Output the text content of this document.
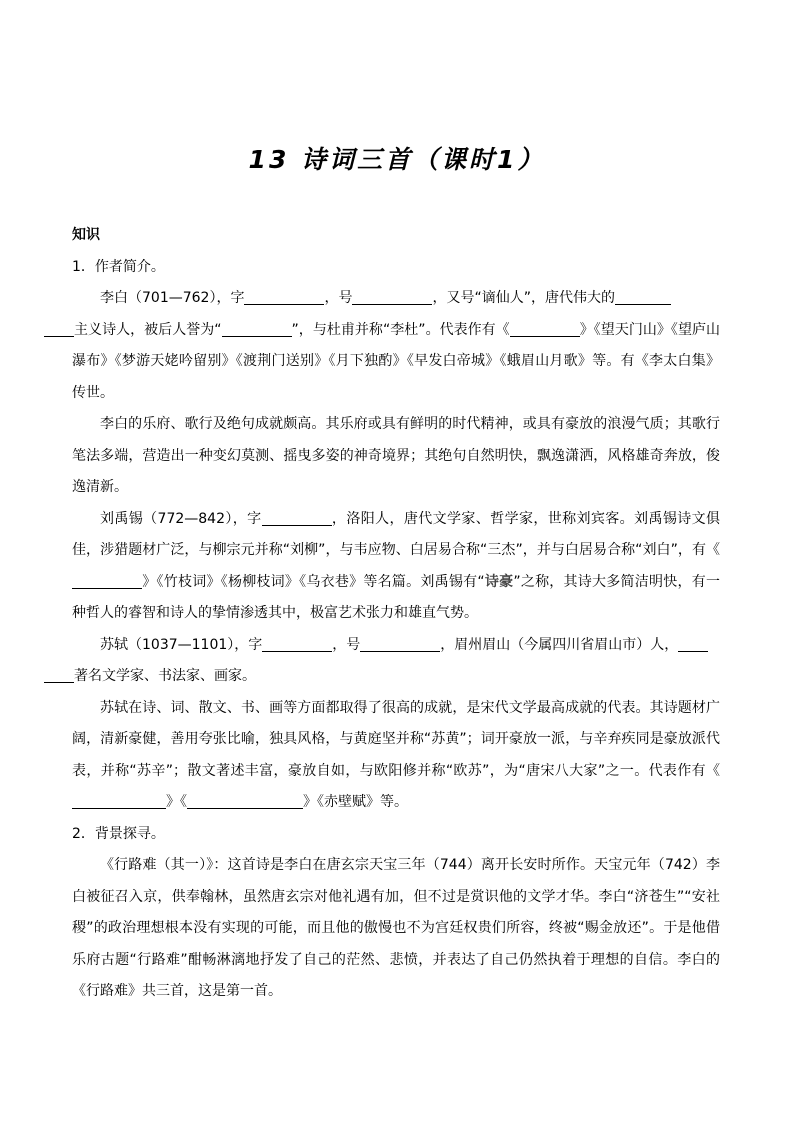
13 诗词三首（课时1）

知识

1．作者简介。

李白（701—762），字	，号	，又号“谪仙人”，唐代伟大的
主义诗人，被后人誉为“	”，与杜甫并称“李杜”。代表作有《	》《望天门山》《望庐山瀑布》《梦游天姥吟留别》《渡荆门送别》《月下独酌》《早发白帝城》《蛾眉山月歌》等。有《李太白集》传世。

李白的乐府、歌行及绝句成就颇高。其乐府或具有鲜明的时代精神，或具有豪放的浪漫气质；其歌行笔法多端，营造出一种变幻莫测、摇曳多姿的神奇境界；其绝句自然明快，飘逸潇洒，风格雄奇奔放，俊逸清新。

刘禹锡（772—842），字	，洛阳人，唐代文学家、哲学家，世称刘宾客。刘禹锡诗文俱佳，涉猎题材广泛，与柳宗元并称“刘柳”，与韦应物、白居易合称“三杰”，并与白居易合称“刘白”，有《》《竹枝词》《杨柳枝词》《乌衣巷》等名篇。刘禹锡有“诗豪”之称，其诗大多简洁明快，有一种哲人的睿智和诗人的挚情渗透其中，极富艺术张力和雄直气势。

苏轼（1037—1101），字	，号	，眉州眉山（今属四川省眉山市）人，
著名文学家、书法家、画家。

苏轼在诗、词、散文、书、画等方面都取得了很高的成就，是宋代文学最高成就的代表。其诗题材广阔，清新豪健，善用夸张比喻，独具风格，与黄庭坚并称“苏黄”；词开豪放一派，与辛弃疾同是豪放派代表，并称“苏辛”；散文著述丰富，豪放自如，与欧阳修并称“欧苏”，为“唐宋八大家”之一。代表作有《》《	》《赤壁赋》等。

2．背景探寻。

《行路难（其一）》：这首诗是李白在唐玄宗天宝三年（744）离开长安时所作。天宝元年（742）李白被征召入京，供奉翰林，虽然唐玄宗对他礼遇有加，但不过是赏识他的文学才华。李白“济苍生”“安社稷”的政治理想根本没有实现的可能，而且他的傲慢也不为宫廷权贵们所容，终被“赐金放还”。于是他借乐府古题“行路难”酣畅淋漓地抒发了自己的茫然、悲愤，并表达了自己仍然执着于理想的自信。李白的《行路难》共三首，这是第一首。
